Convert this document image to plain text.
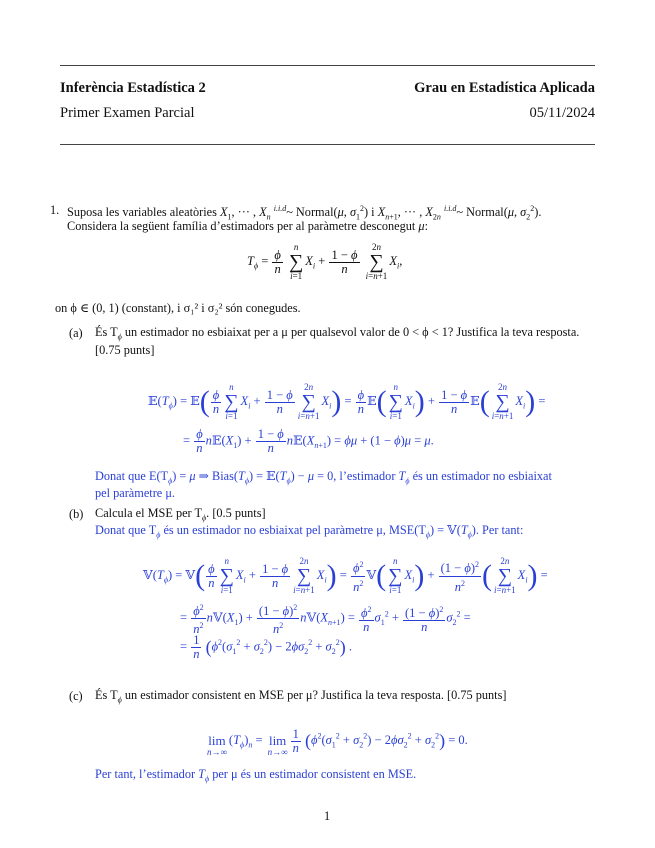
Inferència Estadística 2	Grau en Estadística Aplicada
Primer Examen Parcial	05/11/2024
1. Suposa les variables aleatòries $X_1$, ··· , $X_n$ $^{i.i.d}$~ Normal(μ, $\sigma_1^2$) i $X_{n+1}$, ··· , $X_{2n}$ $^{i.i.d}$~ Normal(μ, $\sigma_2^2$).
Considera la següent família d’estimadors per al paràmetre desconegut μ:
$T_\phi = \frac{\phi}{n}$
n
∑
$i=1X_i + \frac{1 - \phi}{n}$
2n
∑
$i=n+1X_i$,
on ϕ ∈ (0, 1) (constant), i σ₁² i σ₂² són conegudes.
(a) És $T_\phi$ un estimador no esbiaixat per a μ per qualsevol valor de 0 < ϕ < 1? Justifica la teva resposta.
[0.75 punts]
$𝔼(T_\phi)$ = 𝔼( $\frac{\phi}{n}$
n
∑
$i=1X_i + \frac{1 - \phi}{n}$
2n
∑
$i=n+1X_i) = \frac{\phi}{n}$ 𝔼( n
∑
$i=1X_i) + \frac{1 - \phi}{n}$ 𝔼( 2n
∑
$i=n+1X_i$) =
= $\frac{\phi}{n}$ $n𝔼(X_1) + \frac{1 - \phi}{n}$ $n𝔼(X_{n+1}) = \phi\mu + (1 - \phi)\mu = \mu$.
Donat que $E(T_\phi) = \mu$ ⇒ $Bias(T_\phi)$ = $𝔼(T_\phi) - \mu = 0$, l’estimador $T_\phi$ és un estimador no esbiaixat
pel paràmetre μ.
(b) Calcula el MSE per $T_\phi$. [0.5 punts]
Donat que $T_\phi$ és un estimador no esbiaixat pel paràmetre μ, $MSE(T_\phi)$ = $𝕍(T_\phi)$. Per tant:
$𝕍(T_\phi)$ = 𝕍( $\frac{\phi}{n}$
n
∑
$i=1X_i + \frac{1 - \phi}{n}$
2n
∑
$i=n+1X_i) = \frac{\phi^2}{n^2}$ 𝕍( n
∑
$i=1X_i) + \frac{(1 - \phi)^2}{n^2}$ ( 2n
∑
$i=n+1X_i$) =
= $\frac{\phi^2}{n^2}$ $n𝕍(X_1) + \frac{(1 - \phi)^2}{n^2}$ $n𝕍(X_{n+1}) = \frac{\phi^2}{n} \sigma_1^2 + \frac{(1 - \phi)^2}{n} \sigma_2^2$ =
= $\frac{1}{n} (\phi^2(\sigma_1^2 + \sigma_2^2) - 2\phi\sigma_2^2 + \sigma_2^2)$ .
(c) És $T_\phi$ un estimador consistent en MSE per μ? Justifica la teva resposta. [0.75 punts]

lim
$n\to\infty(T_\phi)_n = \lim$
$n\to\infty \frac{1}{n} (\phi^2(\sigma_1^2 + \sigma_2^2) - 2\phi\sigma_2^2 + \sigma_2^2) = 0$.
Per tant, l’estimador $T_\phi$ per μ és un estimador consistent en MSE.
1
